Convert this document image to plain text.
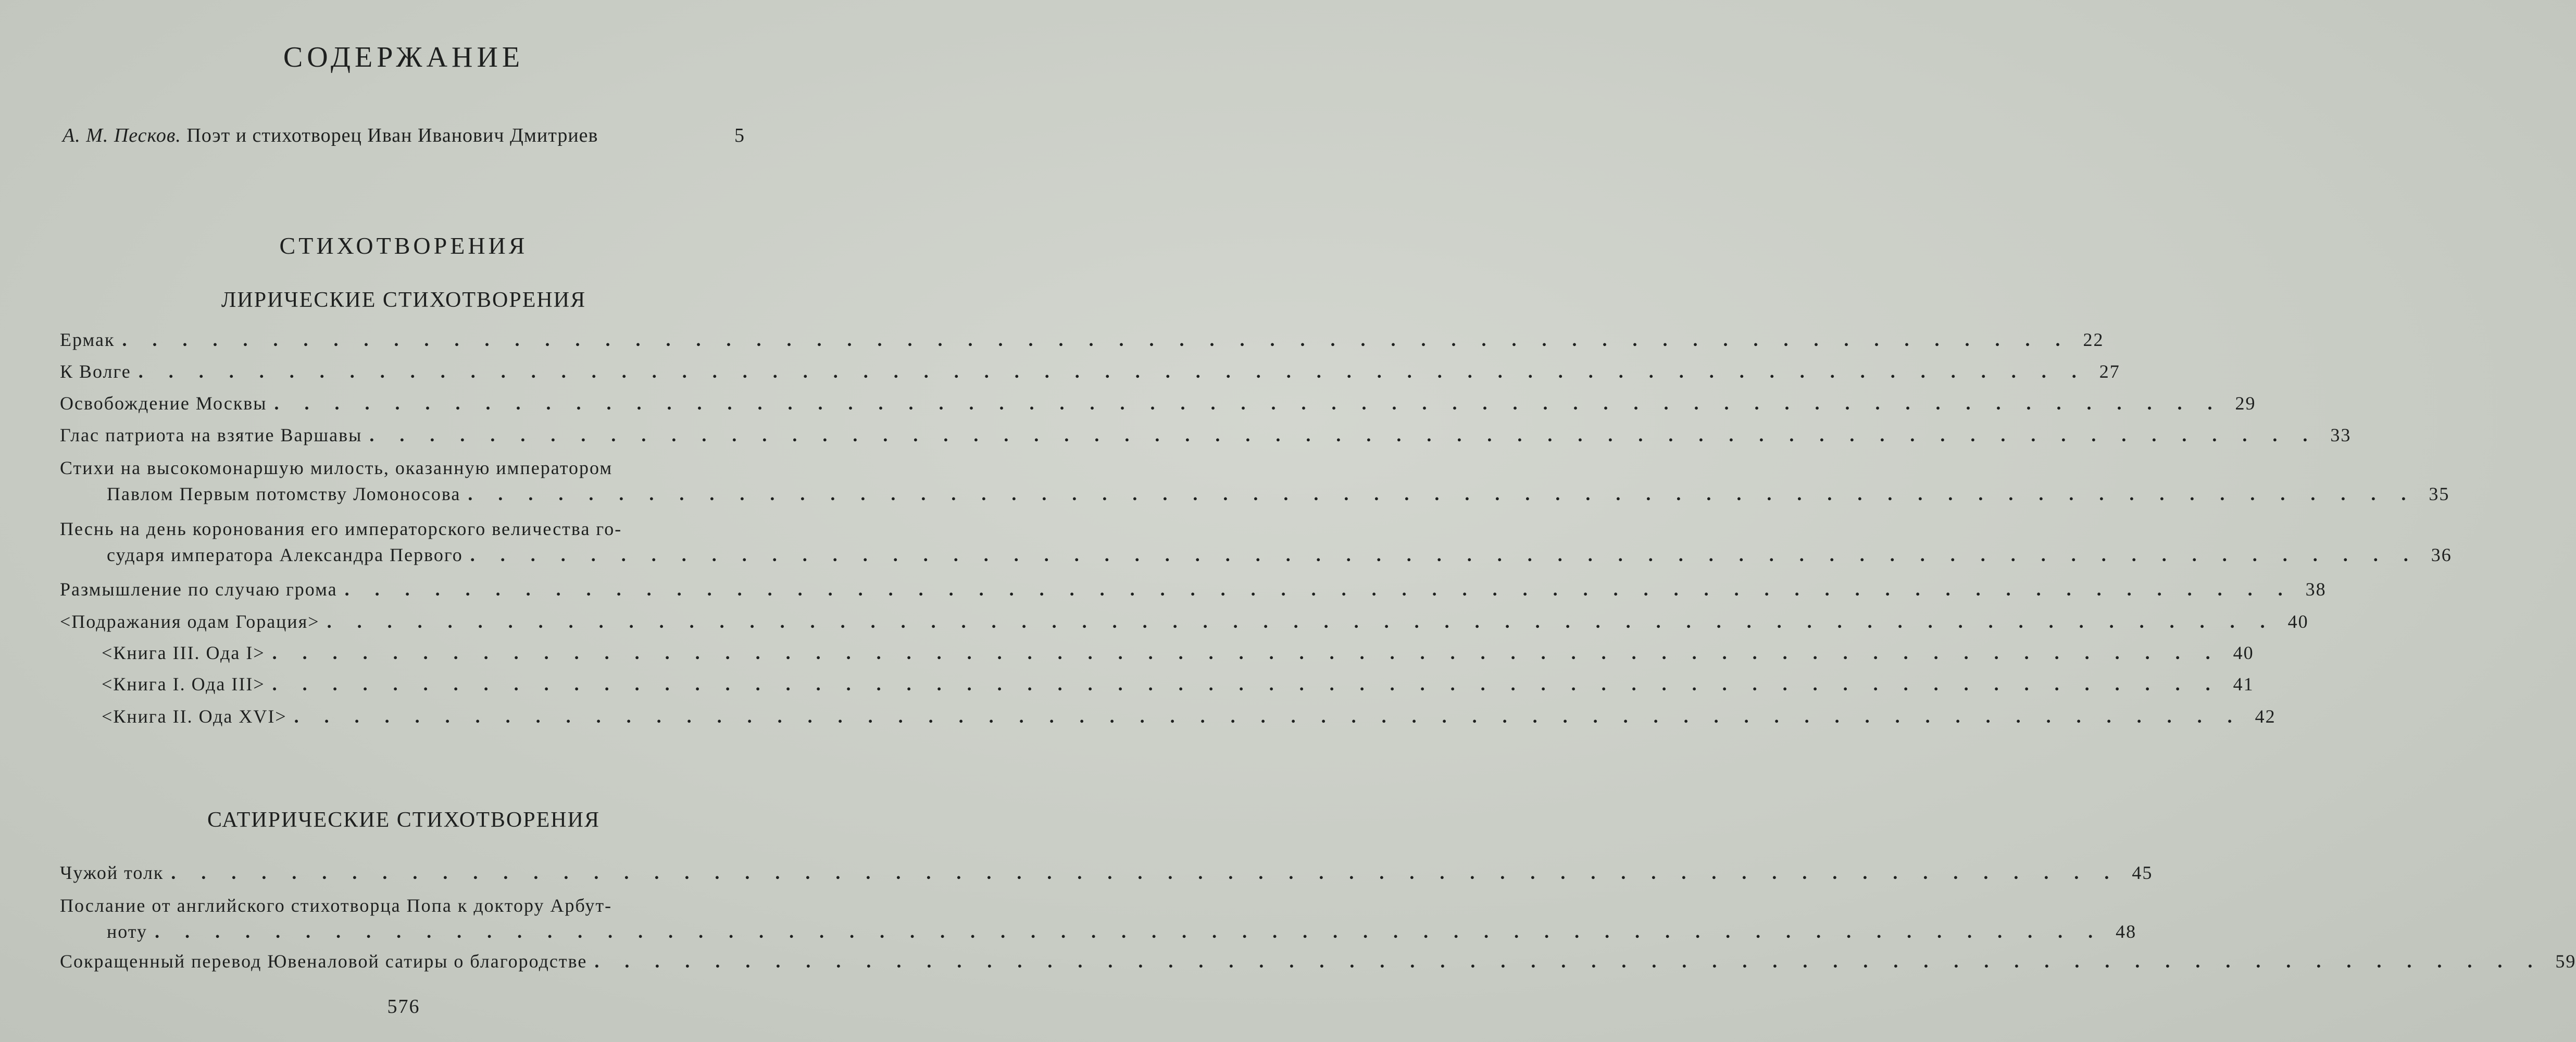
СОДЕРЖАНИЕ
А. М. Песков. Поэт и стихотворец Иван Иванович Дмитриев	5
СТИХОТВОРЕНИЯ
ЛИРИЧЕСКИЕ СТИХОТВОРЕНИЯ
Ермак . . .	22
К Волге . . .	27
Освобождение Москвы . . .	29
Глас патриота на взятие Варшавы . . .	33
Стихи на высокомонаршую милость, оказанную императором
Павлом Первым потомству Ломоносова . . .	35
Песнь на день коронования его императорского величества го-
сударя императора Александра Первого . . .	36
Размышление по случаю грома . . .	38
<Подражания одам Горация> . . .	40
<Книга III. Ода I> . . .	40
<Книга I. Ода III> . . .	41
<Книга II. Ода XVI> . . .	42
САТИРИЧЕСКИЕ СТИХОТВОРЕНИЯ
Чужой толк . . .	45
Послание от английского стихотворца Попа к доктору Арбут-
ноту . . .	48
Сокращенный перевод Ювеналовой сатиры о благородстве . . .	59
576
